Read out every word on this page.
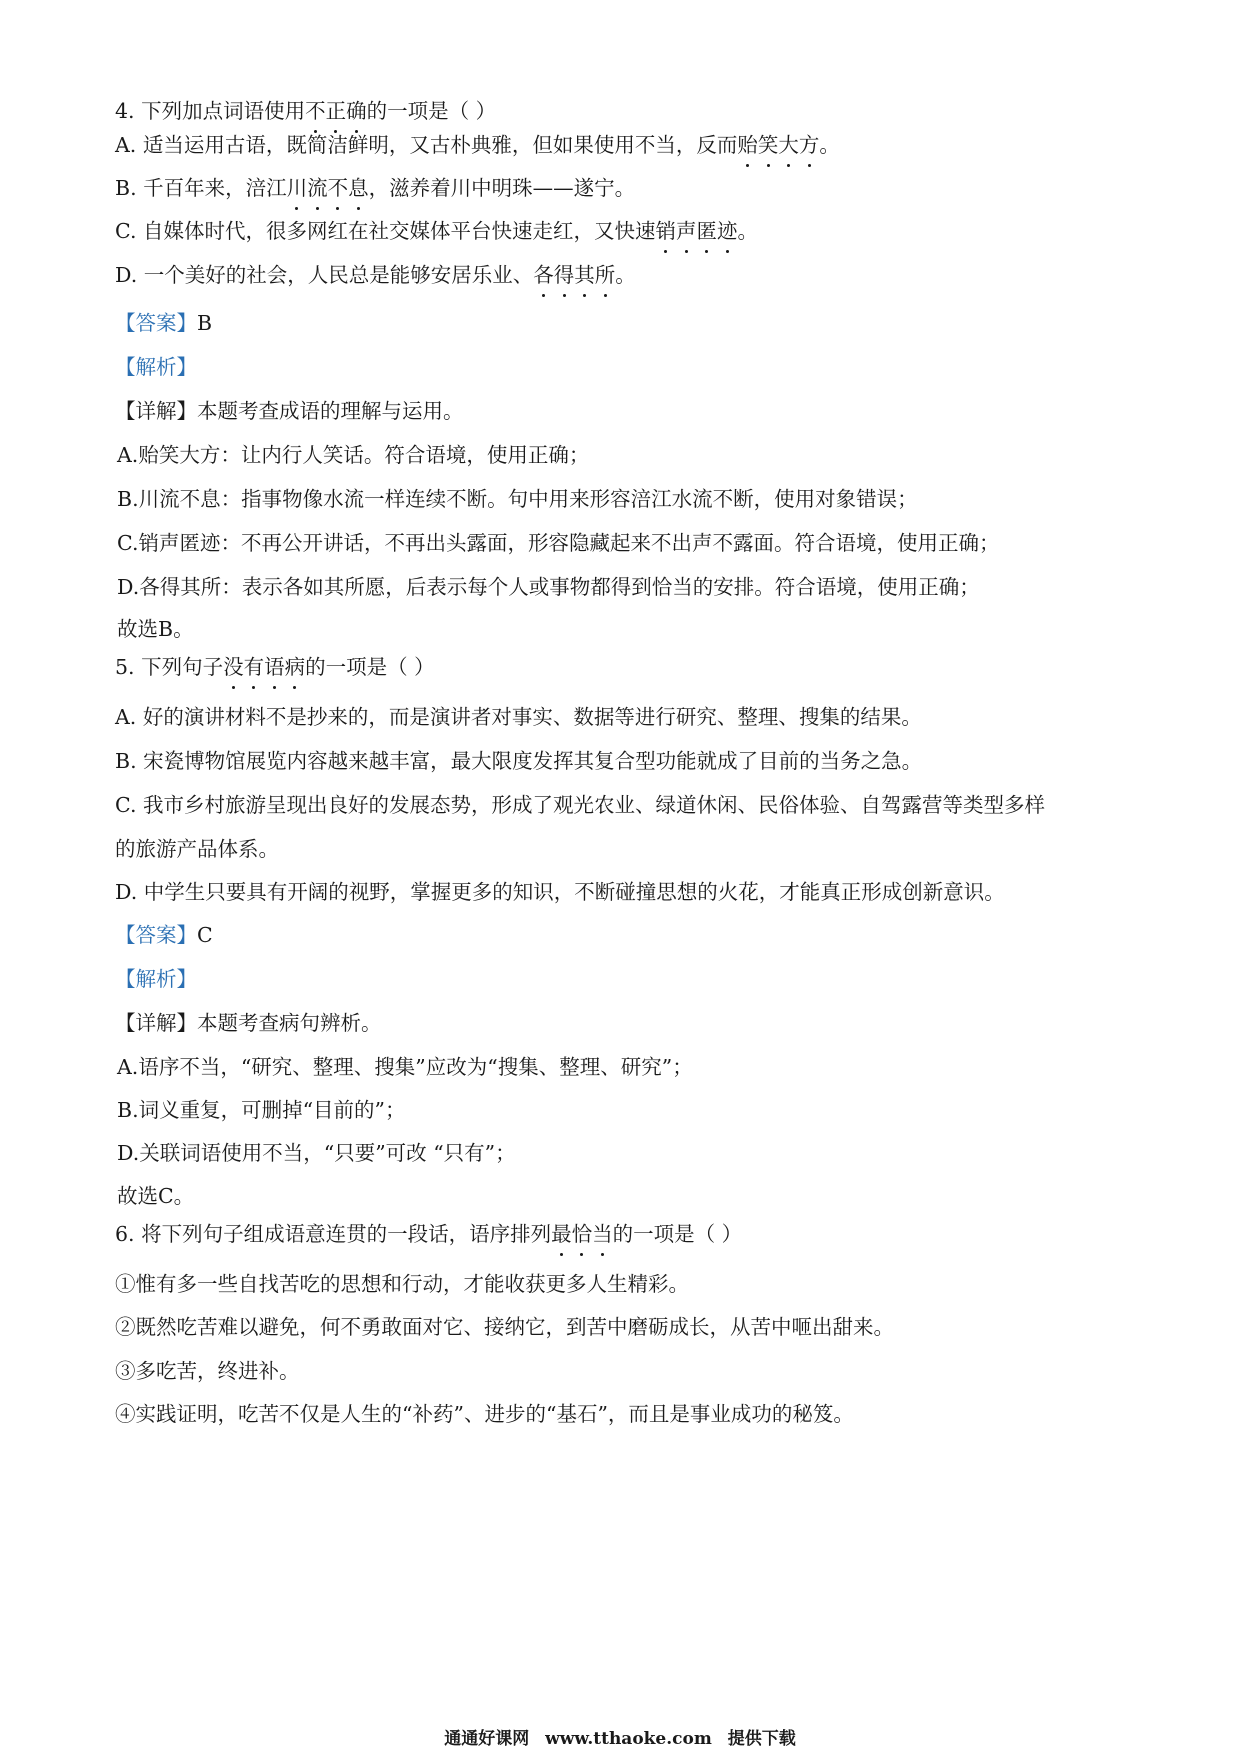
4. 下列加点词语使用不正确的一项是（ ）
A. 适当运用古语，既简洁鲜明，又古朴典雅，但如果使用不当，反而贻笑大方。
B. 千百年来，涪江川流不息，滋养着川中明珠——遂宁。
C. 自媒体时代，很多网红在社交媒体平台快速走红，又快速销声匿迹。
D. 一个美好的社会，人民总是能够安居乐业、各得其所。
【答案】B
【解析】
【详解】本题考查成语的理解与运用。
A.贻笑大方：让内行人笑话。符合语境，使用正确；
B.川流不息：指事物像水流一样连续不断。句中用来形容涪江水流不断，使用对象错误；
C.销声匿迹：不再公开讲话，不再出头露面，形容隐藏起来不出声不露面。符合语境，使用正确；
D.各得其所：表示各如其所愿，后表示每个人或事物都得到恰当的安排。符合语境，使用正确；
故选B。
5. 下列句子没有语病的一项是（ ）
A. 好的演讲材料不是抄来的，而是演讲者对事实、数据等进行研究、整理、搜集的结果。
B. 宋瓷博物馆展览内容越来越丰富，最大限度发挥其复合型功能就成了目前的当务之急。
C. 我市乡村旅游呈现出良好的发展态势，形成了观光农业、绿道休闲、民俗体验、自驾露营等类型多样
的旅游产品体系。
D. 中学生只要具有开阔的视野，掌握更多的知识，不断碰撞思想的火花，才能真正形成创新意识。
【答案】C
【解析】
【详解】本题考查病句辨析。
A.语序不当，“研究、整理、搜集”应改为“搜集、整理、研究”；
B.词义重复，可删掉“目前的”；
D.关联词语使用不当，“只要”可改 “只有”；
故选C。
6. 将下列句子组成语意连贯的一段话，语序排列最恰当的一项是（ ）
①惟有多一些自找苦吃的思想和行动，才能收获更多人生精彩。
②既然吃苦难以避免，何不勇敢面对它、接纳它，到苦中磨砺成长，从苦中咂出甜来。
③多吃苦，终进补。
④实践证明，吃苦不仅是人生的“补药”、进步的“基石”，而且是事业成功的秘笈。
通通好课网 www.tthaoke.com 提供下载
